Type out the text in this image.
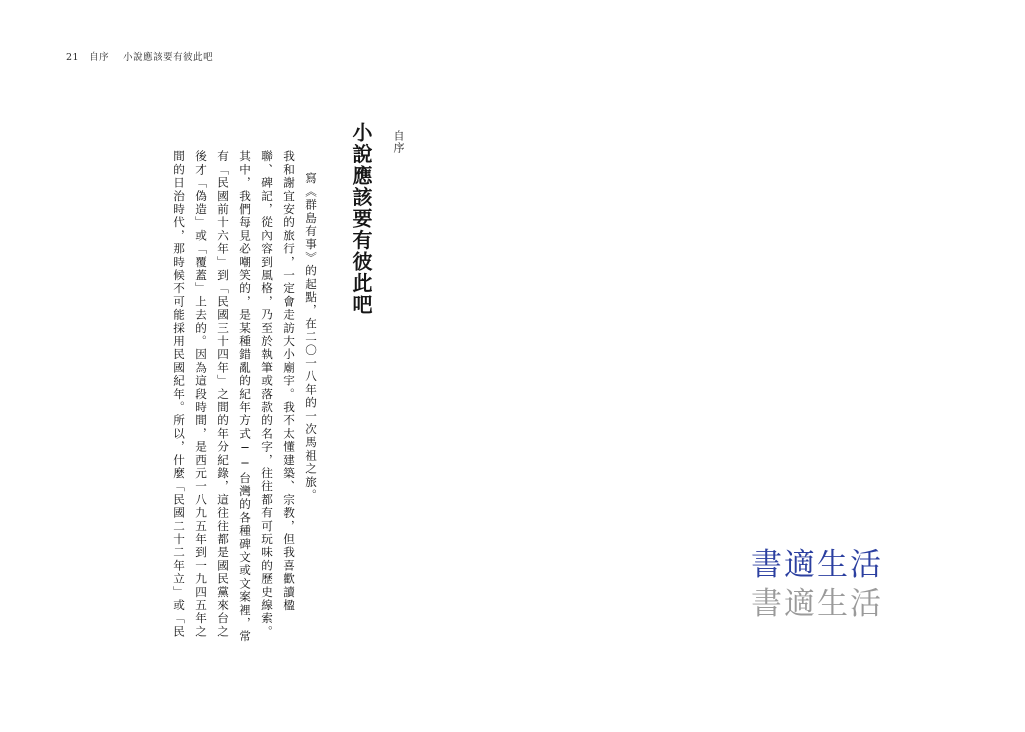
21 自序 小說應該要有彼此吧
自序
小說應該要有彼此吧
寫《群島有事》的起點，在二〇一八年的一次馬祖之旅。
我和謝宜安的旅行，一定會走訪大小廟宇。我不太懂建築、宗教，但我喜歡讀楹
聯、碑記，從內容到風格，乃至於執筆或落款的名字，往往都有可玩味的歷史線索。
其中，我們每見必嘲笑的，是某種錯亂的紀年方式──台灣的各種碑文或文案裡，常
有「民國前十六年」到「民國三十四年」之間的年分紀錄，這往往都是國民黨來台之
後才「偽造」或「覆蓋」上去的。因為這段時間，是西元一八九五年到一九四五年之
間的日治時代，那時候不可能採用民國紀年。所以，什麼「民國二十二年立」或「民	書適生活
書適生活
